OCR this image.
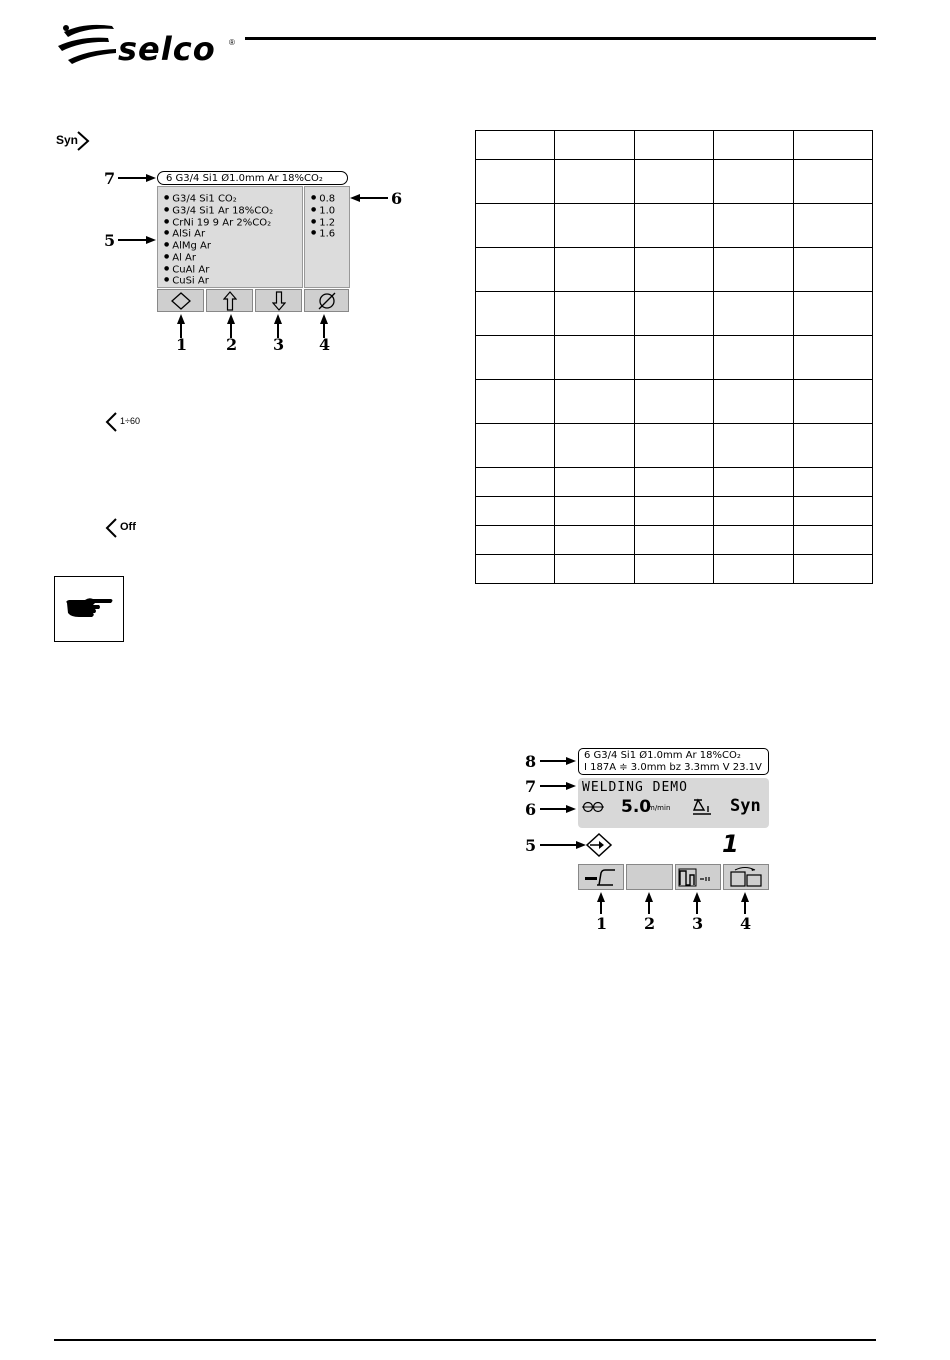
selco ®
Syn
6 G3/4 Si1 Ø1.0mm Ar 18%CO₂
● G3/4 Si1 CO₂
● G3/4 Si1 Ar 18%CO₂
● CrNi 19 9 Ar 2%CO₂
● AlSi Ar
● AlMg Ar
● Al Ar
● CuAl Ar
● CuSi Ar
● 0.8
● 1.0
● 1.2
● 1.6
7
5
6
1 2 3 4
1÷60
Off

6 G3/4 Si1 Ø1.0mm Ar 18%CO₂
I 187A ≑ 3.0mm bz 3.3mm V 23.1V
WELDING DEMO
5.0
m/min	Syn
1
8
7
6
5
1 2 3 4
